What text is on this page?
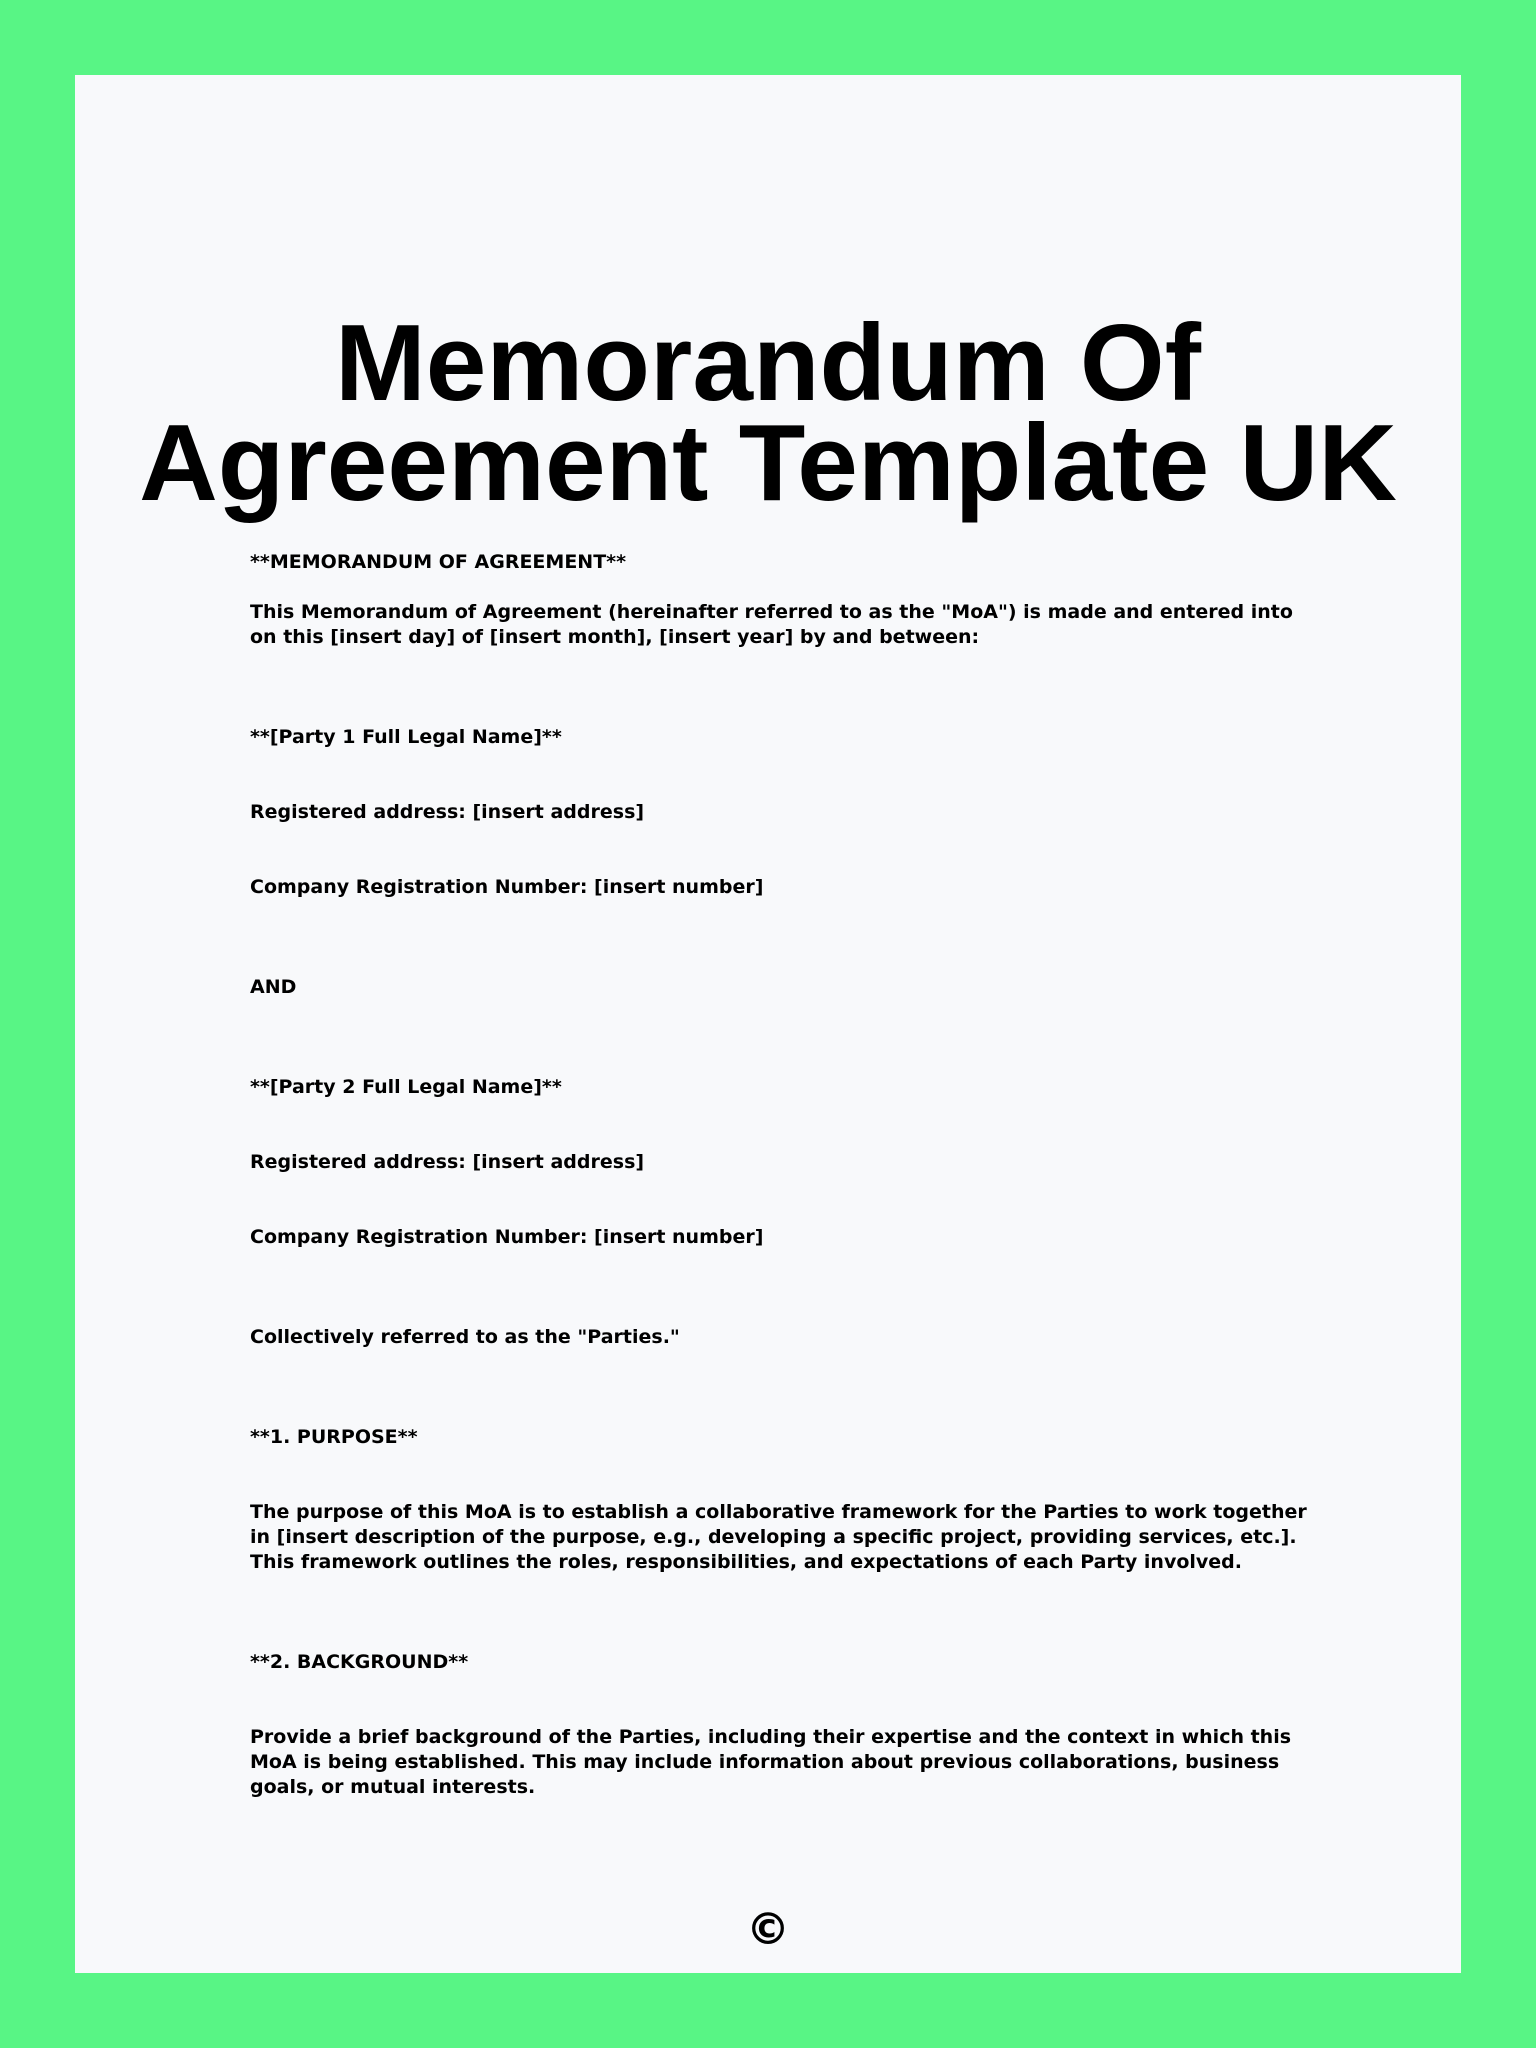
Memorandum Of Agreement Template UK

**MEMORANDUM OF AGREEMENT**

This Memorandum of Agreement (hereinafter referred to as the "MoA") is made and entered into on this [insert day] of [insert month], [insert year] by and between:

**[Party 1 Full Legal Name]**

Registered address: [insert address]

Company Registration Number: [insert number]

AND

**[Party 2 Full Legal Name]**

Registered address: [insert address]

Company Registration Number: [insert number]

Collectively referred to as the "Parties."

**1. PURPOSE**

The purpose of this MoA is to establish a collaborative framework for the Parties to work together in [insert description of the purpose, e.g., developing a specific project, providing services, etc.]. This framework outlines the roles, responsibilities, and expectations of each Party involved.

**2. BACKGROUND**

Provide a brief background of the Parties, including their expertise and the context in which this MoA is being established. This may include information about previous collaborations, business goals, or mutual interests.

©
